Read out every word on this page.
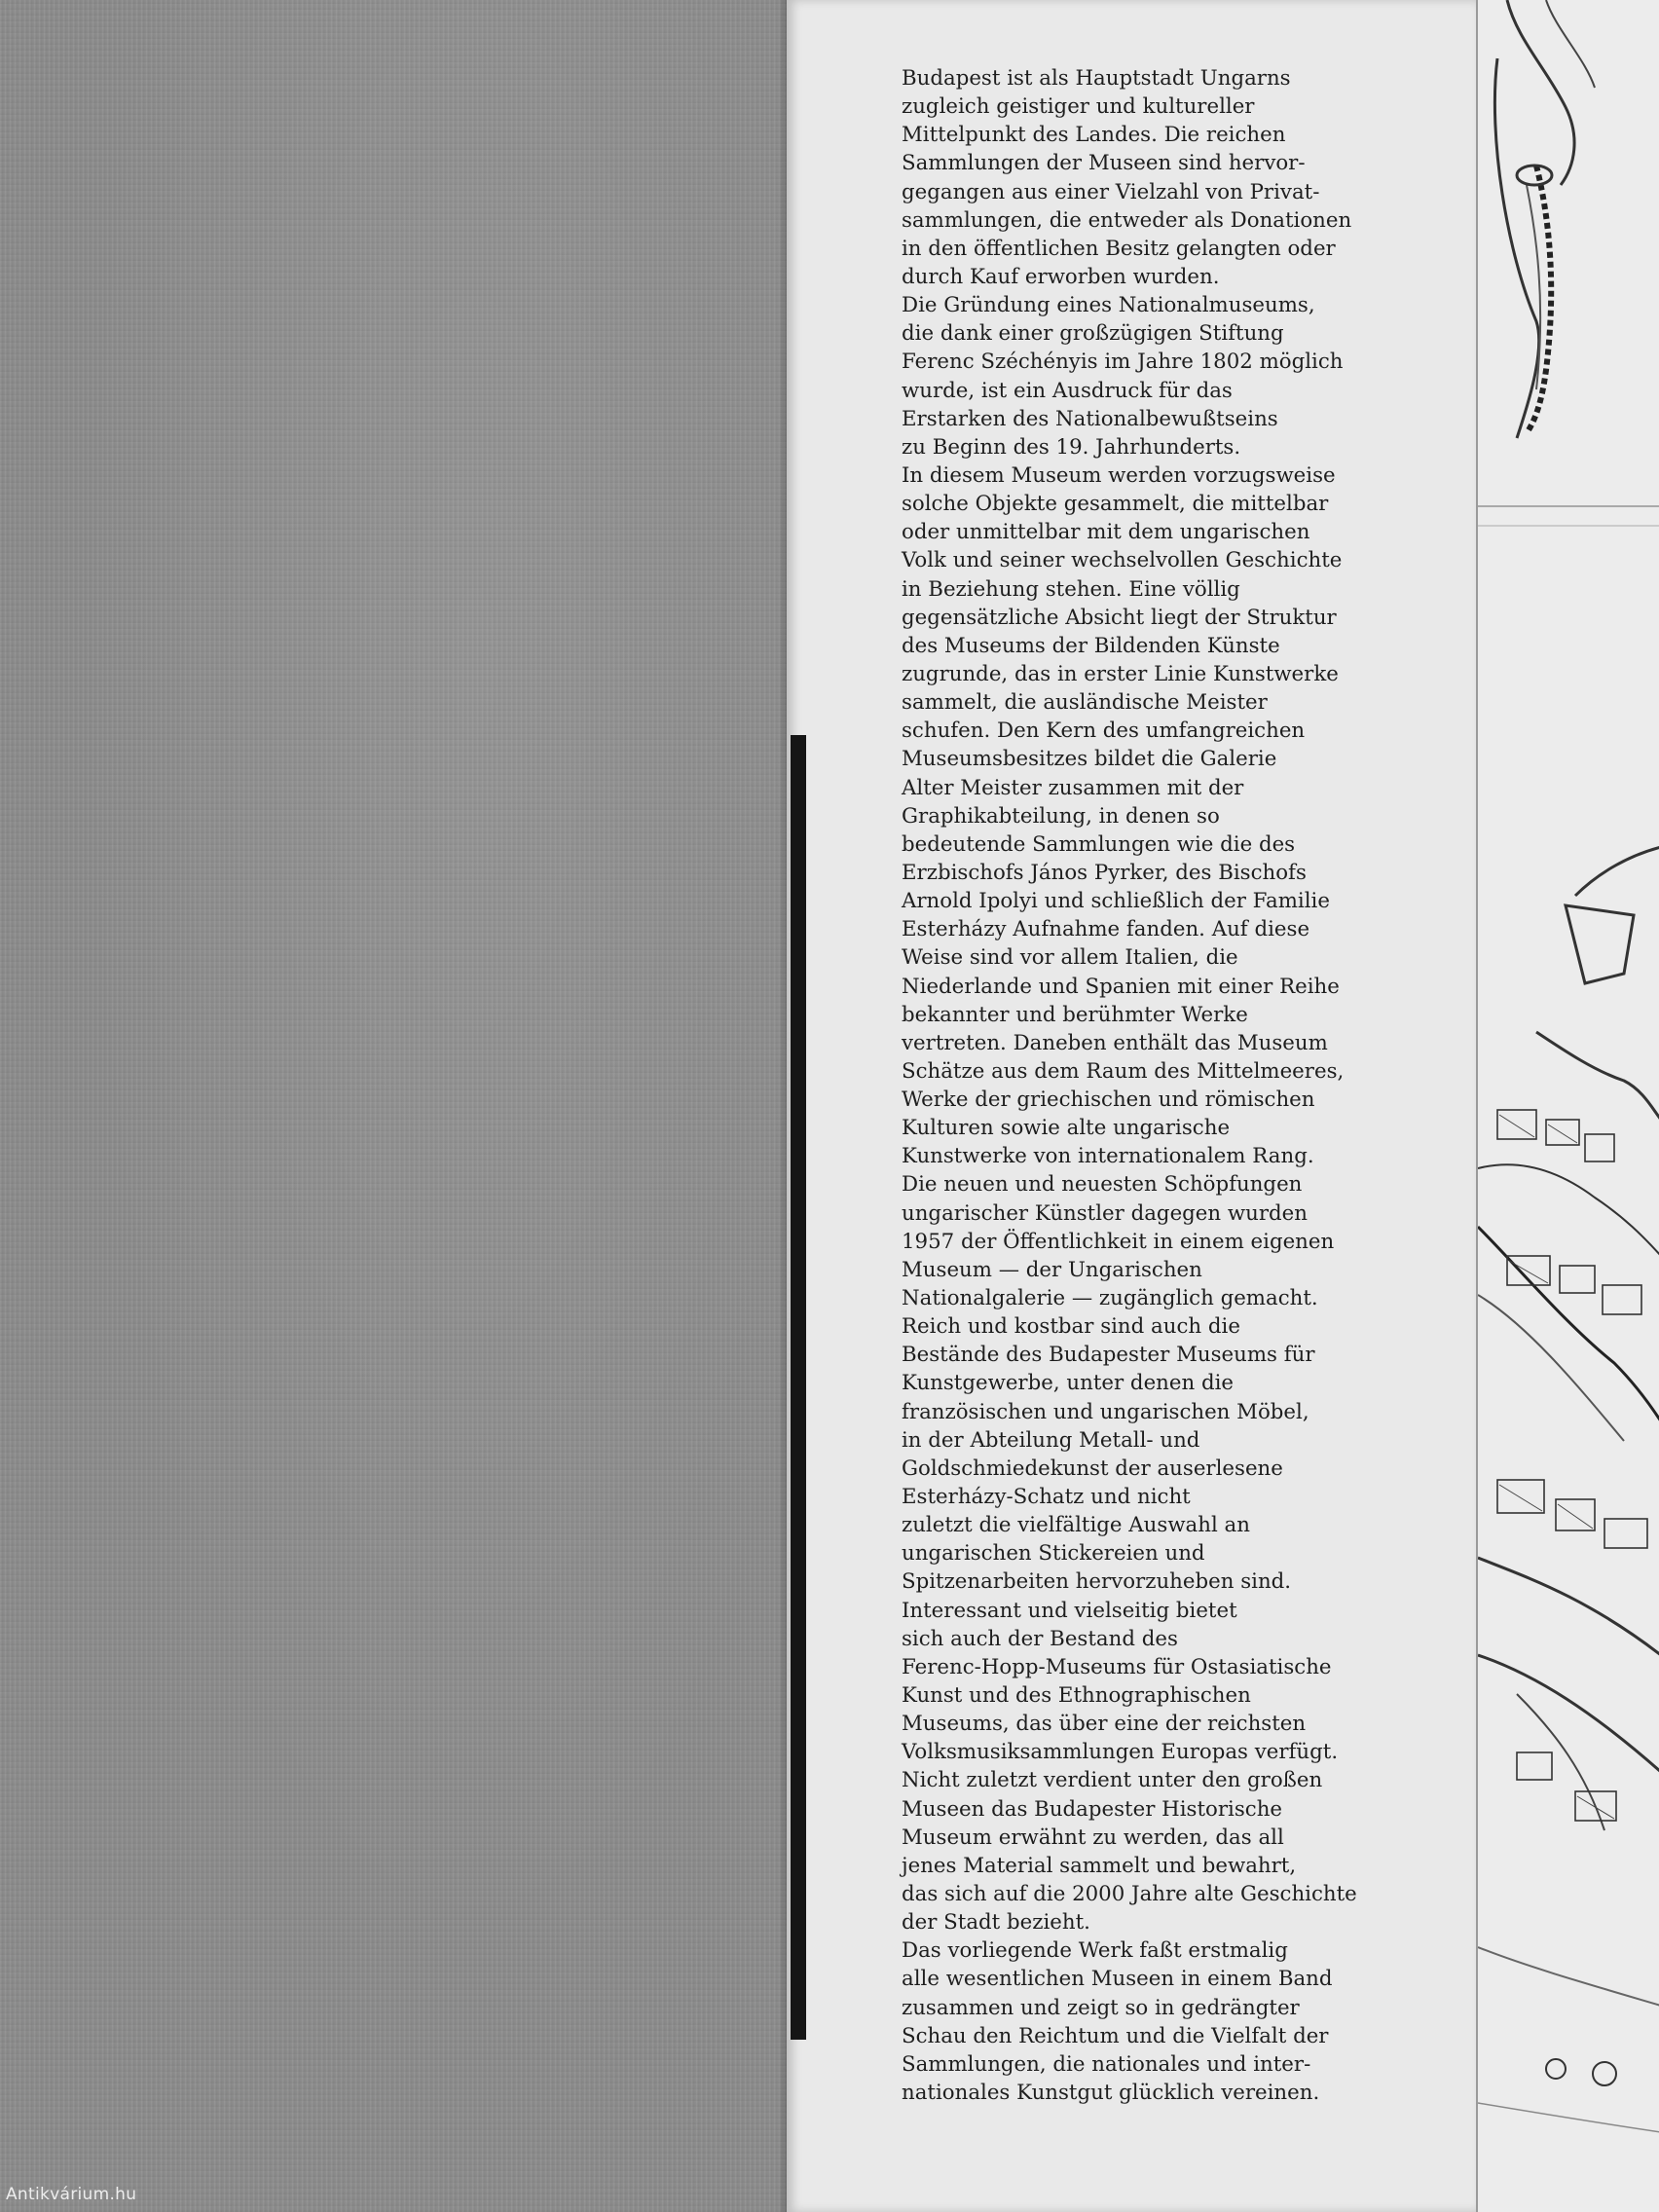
Budapest ist als Hauptstadt Ungarns
zugleich geistiger und kultureller
Mittelpunkt des Landes. Die reichen
Sammlungen der Museen sind hervor-
gegangen aus einer Vielzahl von Privat-
sammlungen, die entweder als Donationen
in den öffentlichen Besitz gelangten oder
durch Kauf erworben wurden.
Die Gründung eines Nationalmuseums,
die dank einer großzügigen Stiftung
Ferenc Széchényis im Jahre 1802 möglich
wurde, ist ein Ausdruck für das
Erstarken des Nationalbewußtseins
zu Beginn des 19. Jahrhunderts.
In diesem Museum werden vorzugsweise
solche Objekte gesammelt, die mittelbar
oder unmittelbar mit dem ungarischen
Volk und seiner wechselvollen Geschichte
in Beziehung stehen. Eine völlig
gegensätzliche Absicht liegt der Struktur
des Museums der Bildenden Künste
zugrunde, das in erster Linie Kunstwerke
sammelt, die ausländische Meister
schufen. Den Kern des umfangreichen
Museumsbesitzes bildet die Galerie
Alter Meister zusammen mit der
Graphikabteilung, in denen so
bedeutende Sammlungen wie die des
Erzbischofs János Pyrker, des Bischofs
Arnold Ipolyi und schließlich der Familie
Esterházy Aufnahme fanden. Auf diese
Weise sind vor allem Italien, die
Niederlande und Spanien mit einer Reihe
bekannter und berühmter Werke
vertreten. Daneben enthält das Museum
Schätze aus dem Raum des Mittelmeeres,
Werke der griechischen und römischen
Kulturen sowie alte ungarische
Kunstwerke von internationalem Rang.
Die neuen und neuesten Schöpfungen
ungarischer Künstler dagegen wurden
1957 der Öffentlichkeit in einem eigenen
Museum — der Ungarischen
Nationalgalerie — zugänglich gemacht.
Reich und kostbar sind auch die
Bestände des Budapester Museums für
Kunstgewerbe, unter denen die
französischen und ungarischen Möbel,
in der Abteilung Metall- und
Goldschmiedekunst der auserlesene
Esterházy-Schatz und nicht
zuletzt die vielfältige Auswahl an
ungarischen Stickereien und
Spitzenarbeiten hervorzuheben sind.
Interessant und vielseitig bietet
sich auch der Bestand des
Ferenc-Hopp-Museums für Ostasiatische
Kunst und des Ethnographischen
Museums, das über eine der reichsten
Volksmusiksammlungen Europas verfügt.
Nicht zuletzt verdient unter den großen
Museen das Budapester Historische
Museum erwähnt zu werden, das all
jenes Material sammelt und bewahrt,
das sich auf die 2000 Jahre alte Geschichte
der Stadt bezieht.
Das vorliegende Werk faßt erstmalig
alle wesentlichen Museen in einem Band
zusammen und zeigt so in gedrängter
Schau den Reichtum und die Vielfalt der
Sammlungen, die nationales und inter-
nationales Kunstgut glücklich vereinen.
Antikvárium.hu
